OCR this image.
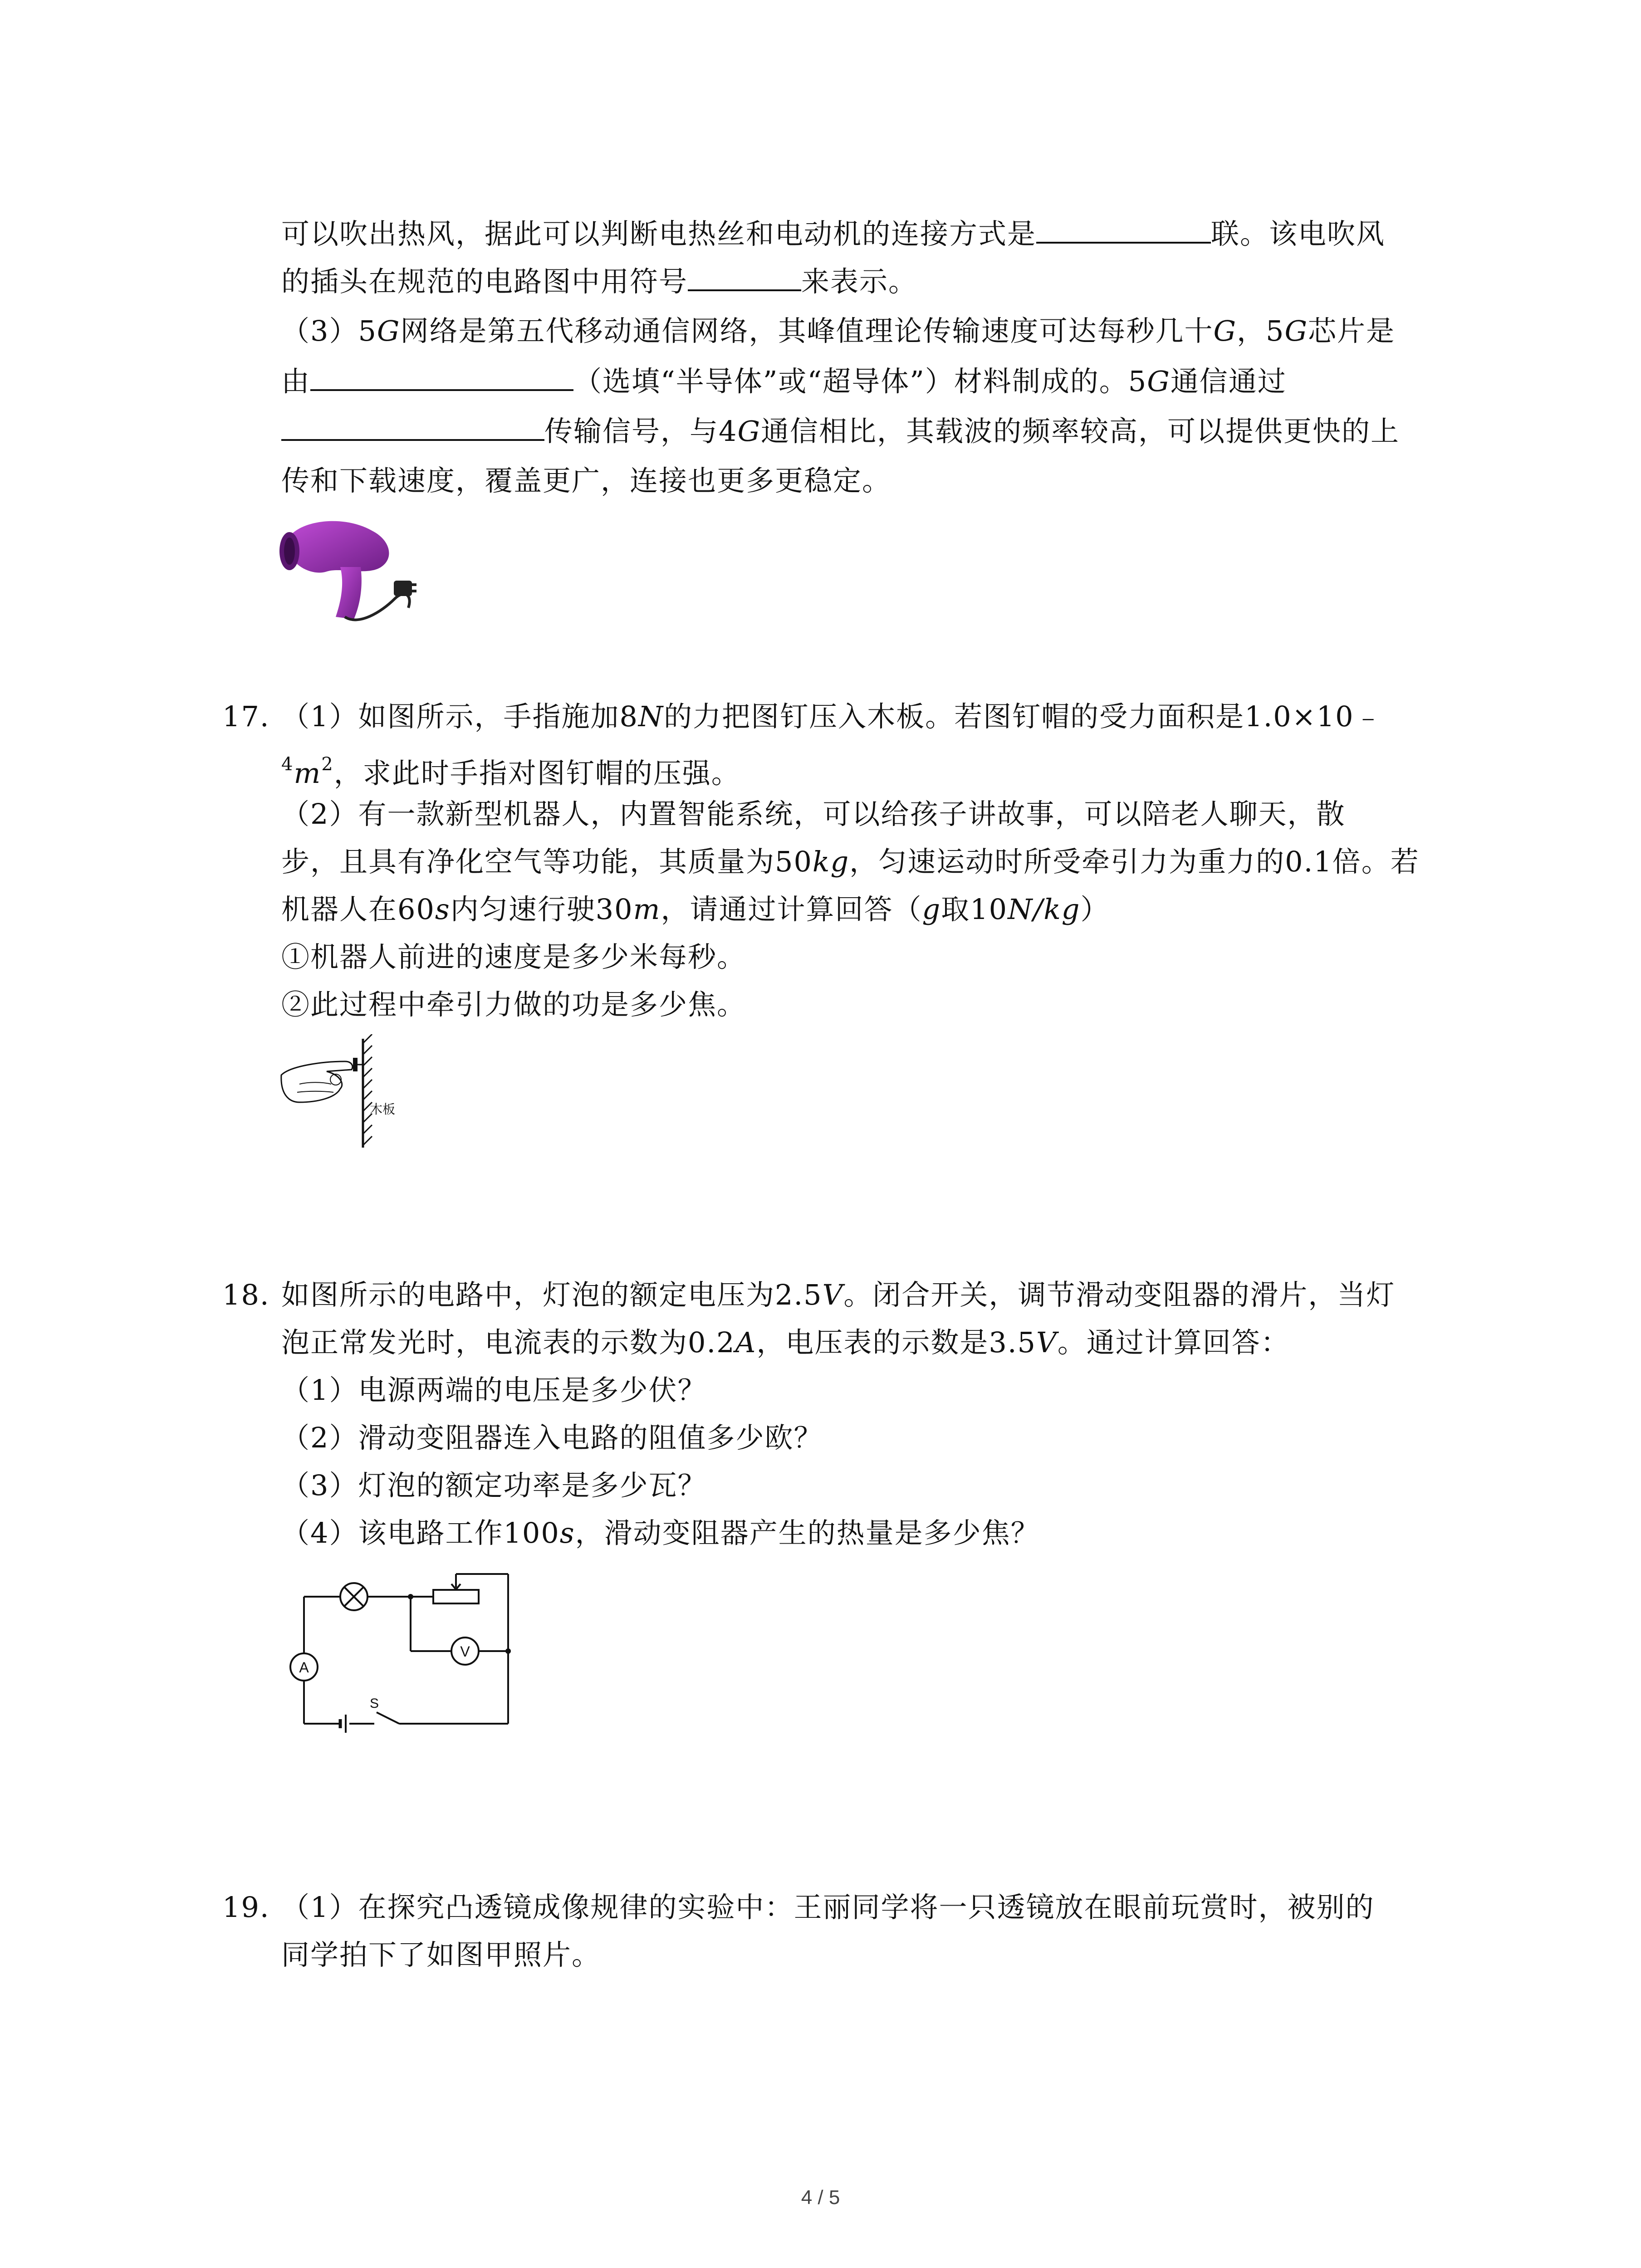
可以吹出热风，据此可以判断电热丝和电动机的连接方式是	联。该电吹风
的插头在规范的电路图中用符号	来表示。
（3）5G网络是第五代移动通信网络，其峰值理论传输速度可达每秒几十G，5G芯片是
由	（选填“半导体”或“超导体”）材料制成的。5G通信通过
传输信号，与4G通信相比，其载波的频率较高，可以提供更快的上
传和下载速度，覆盖更广，连接也更多更稳定。
17. （1）如图所示，手指施加8N的力把图钉压入木板。若图钉帽的受力面积是1.0×10﹣
$^4m^2$，求此时手指对图钉帽的压强。
（2）有一款新型机器人，内置智能系统，可以给孩子讲故事，可以陪老人聊天，散
步，且具有净化空气等功能，其质量为50kg，匀速运动时所受牵引力为重力的0.1倍。若
机器人在60s内匀速行驶30m，请通过计算回答（g取10N/kg）
①机器人前进的速度是多少米每秒。
②此过程中牵引力做的功是多少焦。
木板
18. 如图所示的电路中，灯泡的额定电压为2.5V。闭合开关，调节滑动变阻器的滑片，当灯
泡正常发光时，电流表的示数为0.2A，电压表的示数是3.5V。通过计算回答：
（1）电源两端的电压是多少伏？
（2）滑动变阻器连入电路的阻值多少欧？
（3）灯泡的额定功率是多少瓦？
（4）该电路工作100s，滑动变阻器产生的热量是多少焦？
A
V
S
19. （1）在探究凸透镜成像规律的实验中：王丽同学将一只透镜放在眼前玩赏时，被别的
同学拍下了如图甲照片。
4 / 5
